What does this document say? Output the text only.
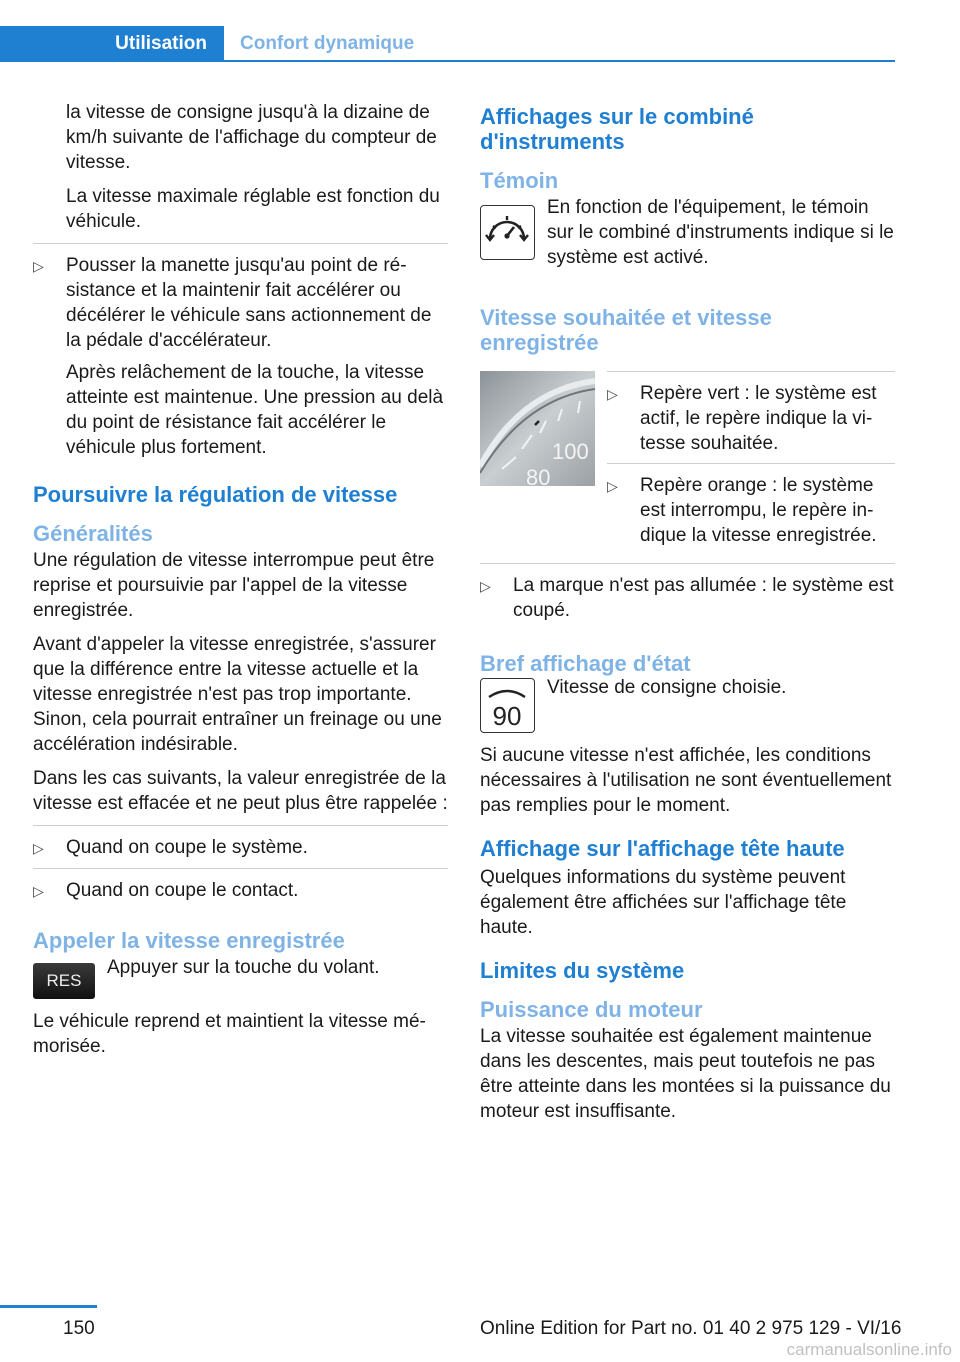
Utilisation Confort dynamique

la vitesse de consigne jusqu'à la dizaine de km/h suivante de l'affichage du compteur de vitesse.

La vitesse maximale réglable est fonction du véhicule.

▷	Pousser la manette jusqu'au point de résistance et la maintenir fait accélérer ou décélérer le véhicule sans actionnement de la pédale d'accélérateur.

Après relâchement de la touche, la vitesse atteinte est maintenue. Une pression au delà du point de résistance fait accélérer le véhicule plus fortement.

Poursuivre la régulation de vitesse
Généralités

Une régulation de vitesse interrompue peut être reprise et poursuivie par l'appel de la vitesse enregistrée.

Avant d'appeler la vitesse enregistrée, s'assurer que la différence entre la vitesse actuelle et la vitesse enregistrée n'est pas trop importante. Sinon, cela pourrait entraîner un freinage ou une accélération indésirable.

Dans les cas suivants, la valeur enregistrée de la vitesse est effacée et ne peut plus être rappelée :

▷	Quand on coupe le système.
▷	Quand on coupe le contact.
Appeler la vitesse enregistrée
RES

Appuyer sur la touche du volant.

Le véhicule reprend et maintient la vitesse mémorisée.

Affichages sur le combiné d'instruments
Témoin

En fonction de l'équipement, le témoin sur le combiné d'instruments indique si le système est activé.

Vitesse souhaitée et vitesse enregistrée
100
80
▷	Repère vert : le système est actif, le repère indique la vitesse souhaitée.
▷	Repère orange : le système est interrompu, le repère indique la vitesse enregistrée.
▷	La marque n'est pas allumée : le système est coupé.
Bref affichage d'état
90

Vitesse de consigne choisie.

Si aucune vitesse n'est affichée, les conditions nécessaires à l'utilisation ne sont éventuellement pas remplies pour le moment.

Affichage sur l'affichage tête haute

Quelques informations du système peuvent également être affichées sur l'affichage tête haute.

Limites du système
Puissance du moteur

La vitesse souhaitée est également maintenue dans les descentes, mais peut toutefois ne pas être atteinte dans les montées si la puissance du moteur est insuffisante.

150	Online Edition for Part no. 01 40 2 975 129 - VI/16
carmanualsonline.info
